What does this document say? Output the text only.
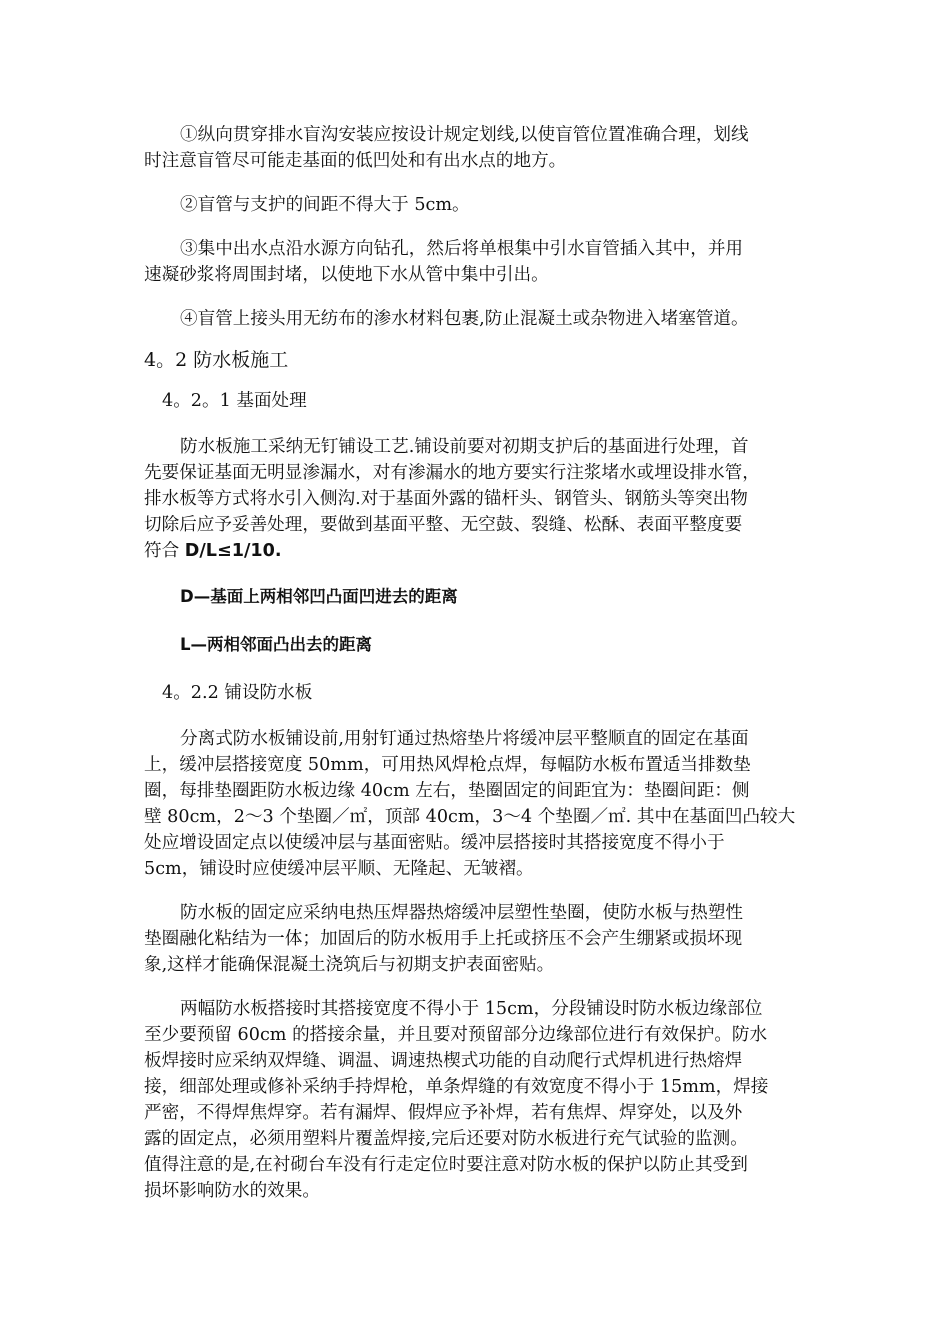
①纵向贯穿排水盲沟安装应按设计规定划线,以使盲管位置准确合理，划线
时注意盲管尽可能走基面的低凹处和有出水点的地方。
②盲管与支护的间距不得大于 5cm。
③集中出水点沿水源方向钻孔，然后将单根集中引水盲管插入其中，并用
速凝砂浆将周围封堵，以使地下水从管中集中引出。
④盲管上接头用无纺布的渗水材料包裹,防止混凝土或杂物进入堵塞管道。
4。2 防水板施工
4。2。1 基面处理
防水板施工采纳无钉铺设工艺.铺设前要对初期支护后的基面进行处理，首
先要保证基面无明显渗漏水，对有渗漏水的地方要实行注浆堵水或埋设排水管，
排水板等方式将水引入侧沟.对于基面外露的锚杆头、钢管头、钢筋头等突出物
切除后应予妥善处理，要做到基面平整、无空鼓、裂缝、松酥、表面平整度要
符合 D/L≤1/10.
D—基面上两相邻凹凸面凹进去的距离
L—两相邻面凸出去的距离
4。2.2 铺设防水板
分离式防水板铺设前,用射钉通过热熔垫片将缓冲层平整顺直的固定在基面
上，缓冲层搭接宽度 50mm，可用热风焊枪点焊，每幅防水板布置适当排数垫
圈，每排垫圈距防水板边缘 40cm 左右，垫圈固定的间距宜为：垫圈间距：侧
壁 80cm，2～3 个垫圈／㎡，顶部 40cm，3～4 个垫圈／㎡. 其中在基面凹凸较大
处应增设固定点以使缓冲层与基面密贴。缓冲层搭接时其搭接宽度不得小于
5cm，铺设时应使缓冲层平顺、无隆起、无皱褶。
防水板的固定应采纳电热压焊器热熔缓冲层塑性垫圈，使防水板与热塑性
垫圈融化粘结为一体；加固后的防水板用手上托或挤压不会产生绷紧或损坏现
象,这样才能确保混凝土浇筑后与初期支护表面密贴。
两幅防水板搭接时其搭接宽度不得小于 15cm，分段铺设时防水板边缘部位
至少要预留 60cm 的搭接余量，并且要对预留部分边缘部位进行有效保护。防水
板焊接时应采纳双焊缝、调温、调速热楔式功能的自动爬行式焊机进行热熔焊
接，细部处理或修补采纳手持焊枪，单条焊缝的有效宽度不得小于 15mm，焊接
严密，不得焊焦焊穿。若有漏焊、假焊应予补焊，若有焦焊、焊穿处，以及外
露的固定点，必须用塑料片覆盖焊接,完后还要对防水板进行充气试验的监测。
值得注意的是,在衬砌台车没有行走定位时要注意对防水板的保护以防止其受到
损坏影响防水的效果。
